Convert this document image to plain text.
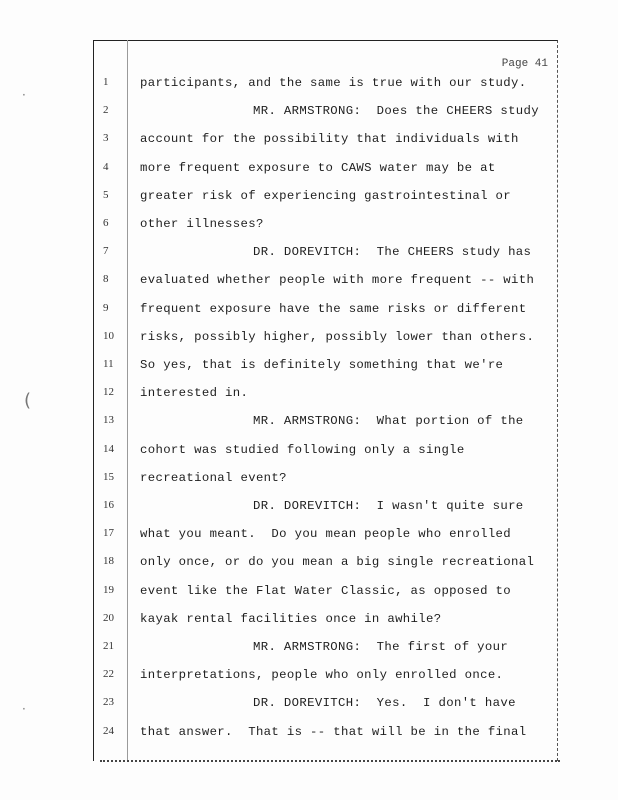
Page 41
1	participants, and the same is true with our study.
2	MR. ARMSTRONG:  Does the CHEERS study
3	account for the possibility that individuals with
4	more frequent exposure to CAWS water may be at
5	greater risk of experiencing gastrointestinal or
6	other illnesses?
7	DR. DOREVITCH:  The CHEERS study has
8	evaluated whether people with more frequent -- with
9	frequent exposure have the same risks or different
10	risks, possibly higher, possibly lower than others.
11	So yes, that is definitely something that we're
12	interested in.
13	MR. ARMSTRONG:  What portion of the
14	cohort was studied following only a single
15	recreational event?
16	DR. DOREVITCH:  I wasn't quite sure
17	what you meant.  Do you mean people who enrolled
18	only once, or do you mean a big single recreational
19	event like the Flat Water Classic, as opposed to
20	kayak rental facilities once in awhile?
21	MR. ARMSTRONG:  The first of your
22	interpretations, people who only enrolled once.
23	DR. DOREVITCH:  Yes.  I don't have
24	that answer.  That is -- that will be in the final
·
(
·
